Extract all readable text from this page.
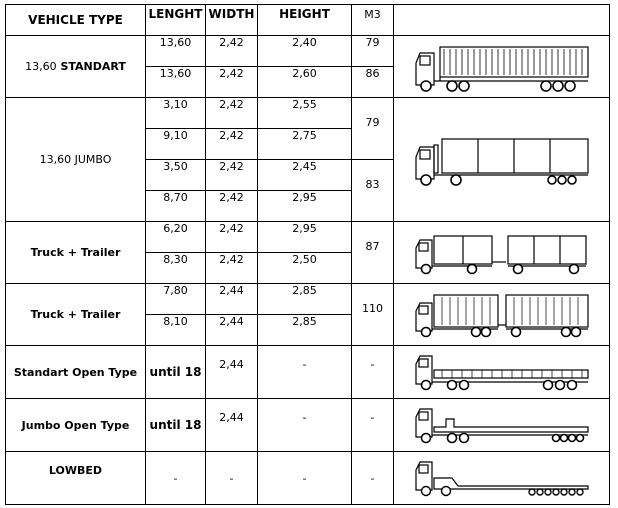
VEHICLE TYPE	LENGHT	WIDTH	HEIGHT	M3	
13,60 STANDART	13,60	2,42	2,40	79	

	13,60	2,42	2,60	86	
13,60 JUMBO	3,10	2,42	2,55	79	

	9,10	2,42	2,75		
	3,50	2,42	2,45	83	
	8,70	2,42	2,95		
Truck + Trailer	6,20	2,42	2,95	87	

	8,30	2,42	2,50		
Truck + Trailer	7,80	2,44	2,85	110	

	8,10	2,44	2,85		
Standart Open Type	until 18	2,44	-	-	

Jumbo Open Type	until 18	2,44	-	-	

LOWBED	-	-	-	-	
